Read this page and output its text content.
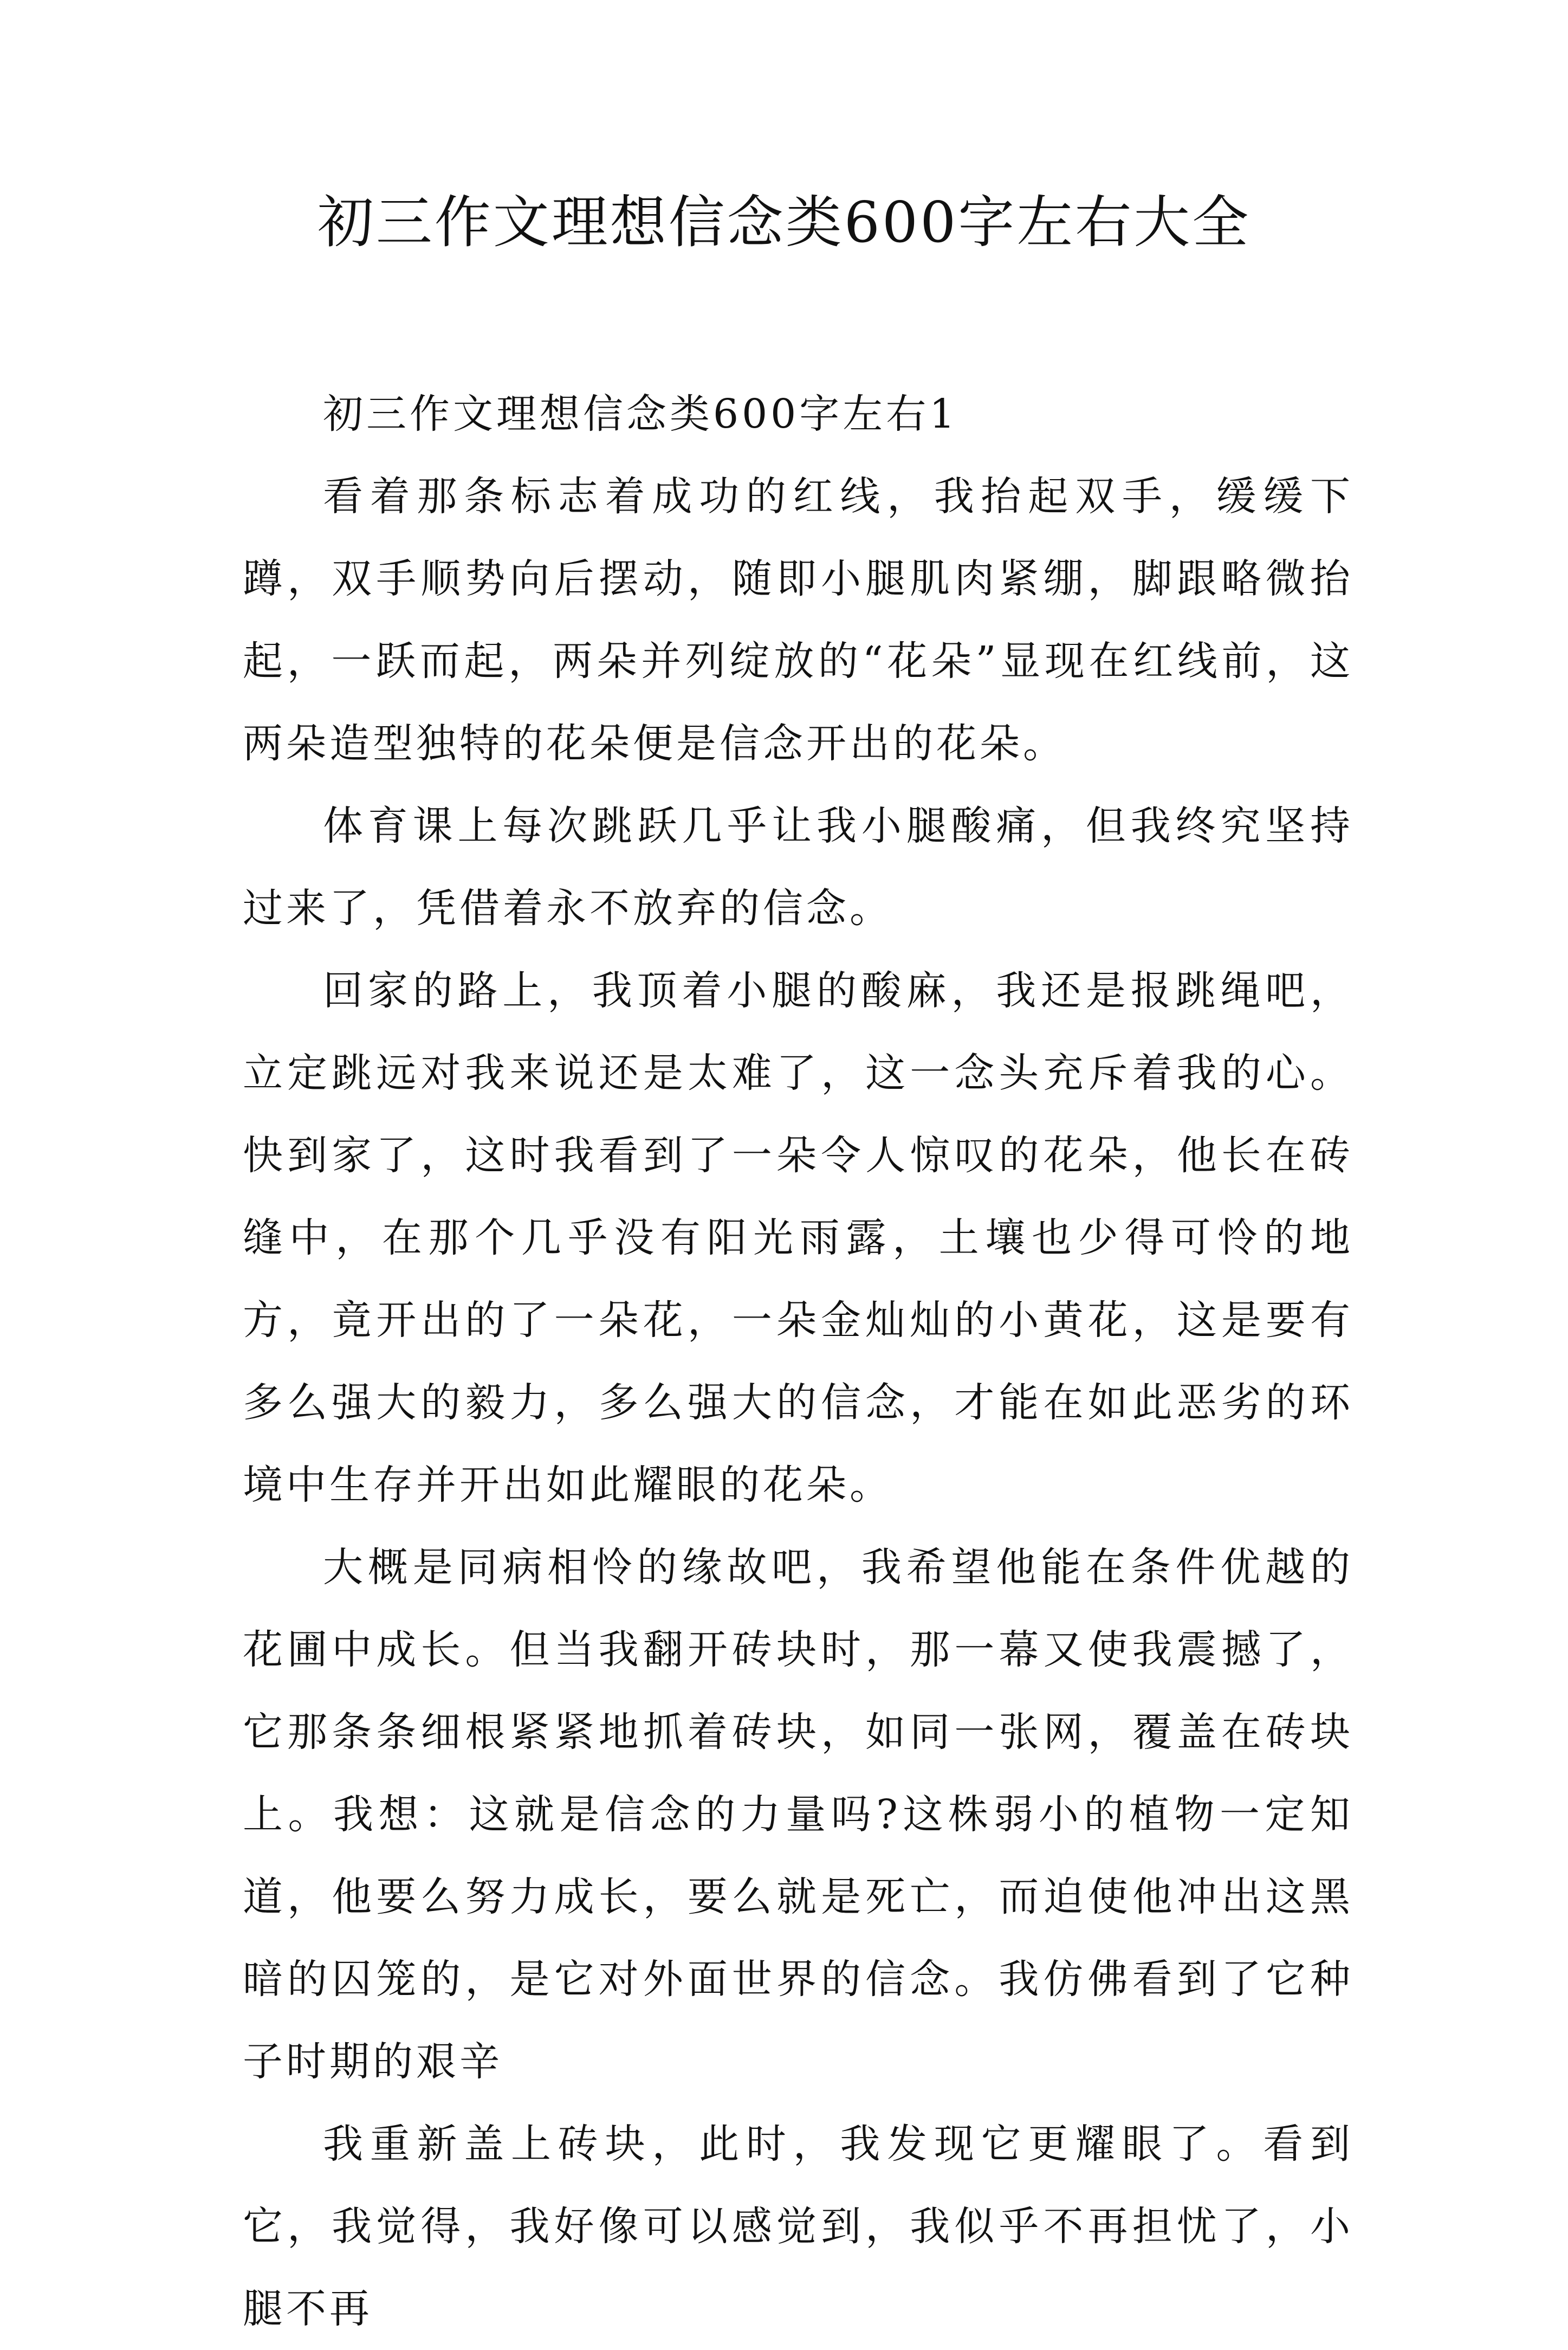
初三作文理想信念类600字左右大全

初三作文理想信念类600字左右1

看着那条标志着成功的红线，我抬起双手，缓缓下蹲，双手顺势向后摆动，随即小腿肌肉紧绷，脚跟略微抬起，一跃而起，两朵并列绽放的“花朵”显现在红线前，这两朵造型独特的花朵便是信念开出的花朵。

体育课上每次跳跃几乎让我小腿酸痛，但我终究坚持过来了，凭借着永不放弃的信念。

回家的路上，我顶着小腿的酸麻，我还是报跳绳吧，立定跳远对我来说还是太难了，这一念头充斥着我的心。快到家了，这时我看到了一朵令人惊叹的花朵，他长在砖缝中，在那个几乎没有阳光雨露，土壤也少得可怜的地方，竟开出的了一朵花，一朵金灿灿的小黄花，这是要有多么强大的毅力，多么强大的信念，才能在如此恶劣的环境中生存并开出如此耀眼的花朵。

大概是同病相怜的缘故吧，我希望他能在条件优越的花圃中成长。但当我翻开砖块时，那一幕又使我震撼了，它那条条细根紧紧地抓着砖块，如同一张网，覆盖在砖块上。我想：这就是信念的力量吗?这株弱小的植物一定知道，他要么努力成长，要么就是死亡，而迫使他冲出这黑暗的囚笼的，是它对外面世界的信念。我仿佛看到了它种子时期的艰辛

我重新盖上砖块，此时，我发现它更耀眼了。看到它，我觉得，我好像可以感觉到，我似乎不再担忧了，小腿不再
